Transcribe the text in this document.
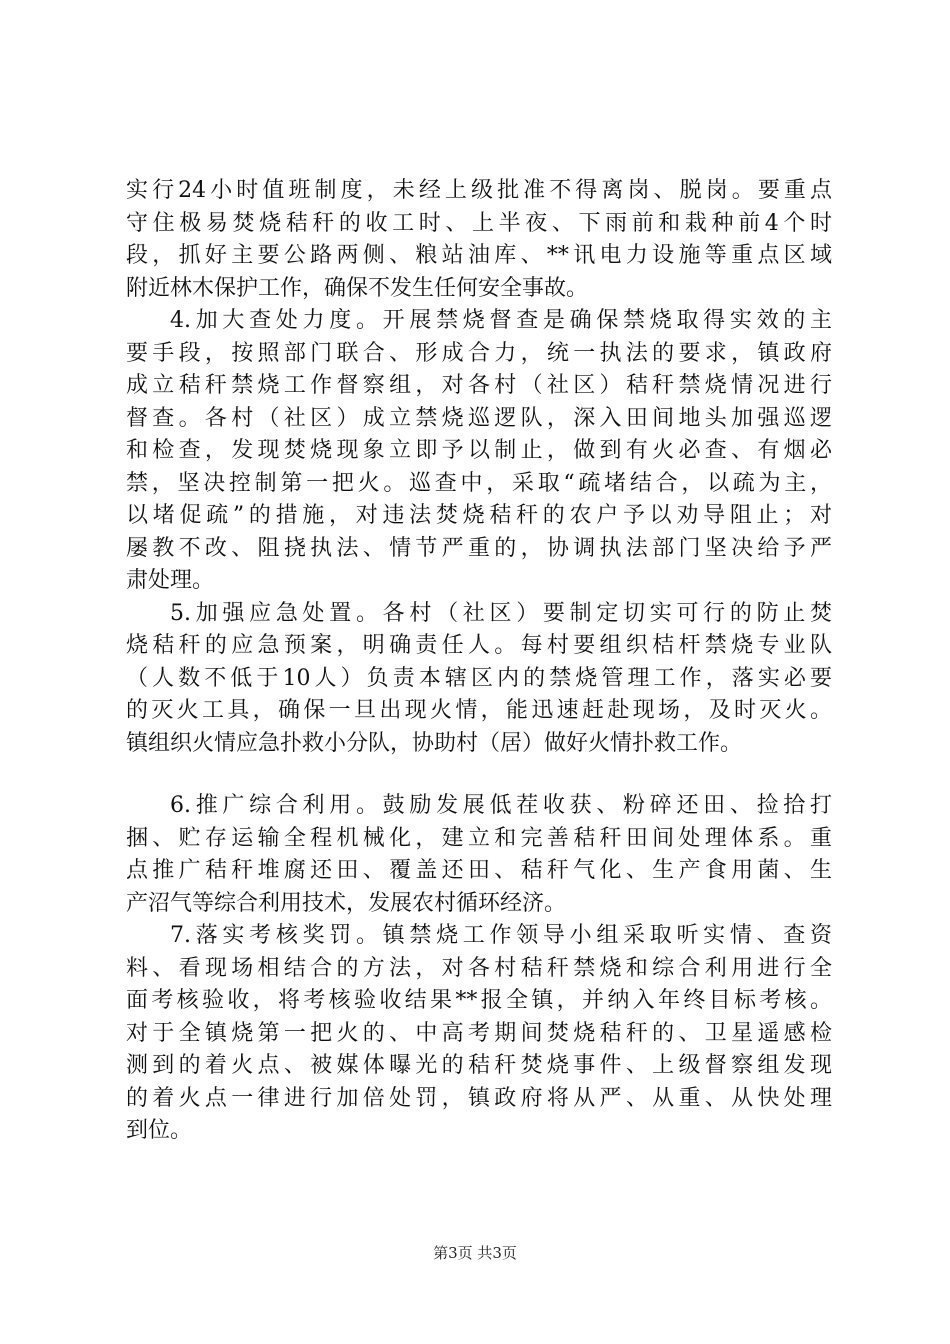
实行24小时值班制度，未经上级批准不得离岗、脱岗。要重点
守住极易焚烧秸秆的收工时、上半夜、下雨前和栽种前4个时
段，抓好主要公路两侧、粮站油库、**讯电力设施等重点区域
附近林木保护工作，确保不发生任何安全事故。
4.加大查处力度。开展禁烧督查是确保禁烧取得实效的主
要手段，按照部门联合、形成合力，统一执法的要求，镇政府
成立秸秆禁烧工作督察组，对各村（社区）秸秆禁烧情况进行
督查。各村（社区）成立禁烧巡逻队，深入田间地头加强巡逻
和检查，发现焚烧现象立即予以制止，做到有火必查、有烟必
禁，坚决控制第一把火。巡查中，采取“疏堵结合，以疏为主，
以堵促疏”的措施，对违法焚烧秸秆的农户予以劝导阻止；对
屡教不改、阻挠执法、情节严重的，协调执法部门坚决给予严
肃处理。
5.加强应急处置。各村（社区）要制定切实可行的防止焚
烧秸秆的应急预案，明确责任人。每村要组织桔杆禁烧专业队
（人数不低于10人）负责本辖区内的禁烧管理工作，落实必要
的灭火工具，确保一旦出现火情，能迅速赶赴现场，及时灭火。
镇组织火情应急扑救小分队，协助村（居）做好火情扑救工作。
6.推广综合利用。鼓励发展低茬收获、粉碎还田、捡拾打
捆、贮存运输全程机械化，建立和完善秸秆田间处理体系。重
点推广秸秆堆腐还田、覆盖还田、秸秆气化、生产食用菌、生
产沼气等综合利用技术，发展农村循环经济。
7.落实考核奖罚。镇禁烧工作领导小组采取听实情、查资
料、看现场相结合的方法，对各村秸秆禁烧和综合利用进行全
面考核验收，将考核验收结果**报全镇，并纳入年终目标考核。
对于全镇烧第一把火的、中高考期间焚烧秸秆的、卫星遥感检
测到的着火点、被媒体曝光的秸秆焚烧事件、上级督察组发现
的着火点一律进行加倍处罚，镇政府将从严、从重、从快处理
到位。
第3页 共3页
